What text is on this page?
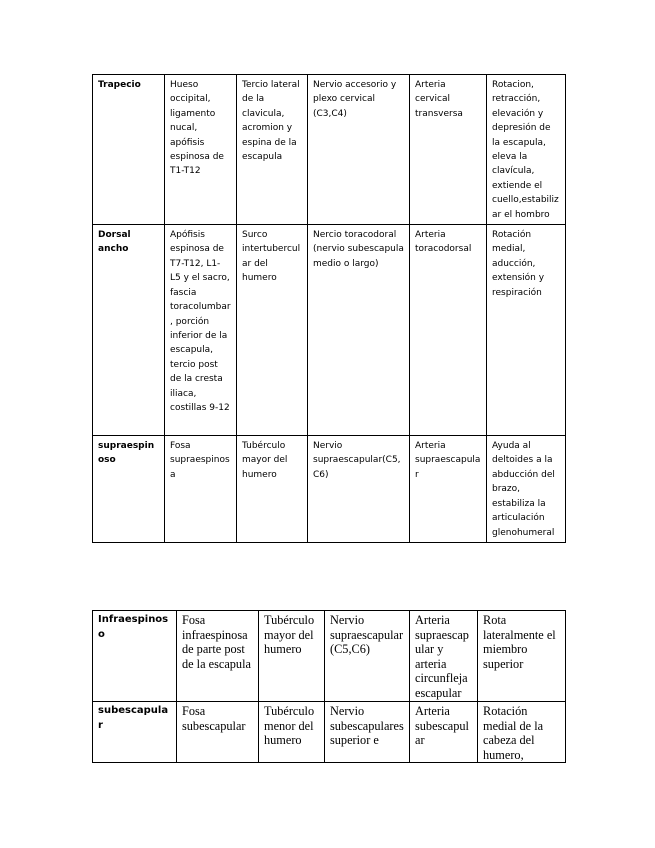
Trapecio	Hueso occipital, ligamento nucal, apófisis espinosa de T1-T12	Tercio lateral de la clavicula, acromion y espina de la escapula	Nervio accesorio y plexo cervical (C3,C4)	Arteria cervical transversa	Rotacion, retracción, elevación y depresión de la escapula, eleva la clavícula, extiende el cuello,estabilizar el hombro
Dorsal ancho	Apófisis espinosa de T7-T12, L1-L5 y el sacro, fascia toracolumbar, porción inferior de la escapula, tercio post de la cresta iliaca, costillas 9-12	Surco intertubercular del humero	Nercio toracodoral (nervio subescapula medio o largo)	Arteria toracodorsal	Rotación medial, aducción, extensión y respiración
supraespinoso	Fosa supraespinosa	Tubérculo mayor del humero	Nervio supraescapular(C5,C6)	Arteria supraescapular	Ayuda al deltoides a la abducción del brazo, estabiliza la articulación glenohumeral
Infraespinoso	Fosa infraespinosa de parte post de la escapula	Tubérculo mayor del humero	Nervio supraescapular (C5,C6)	Arteria supraescapular y arteria circunfleja escapular	Rota lateralmente el miembro superior
subescapular	Fosa subescapular	Tubérculo menor del humero	Nervio subescapulares superior e	Arteria subescapular	Rotación medial de la cabeza del humero,
